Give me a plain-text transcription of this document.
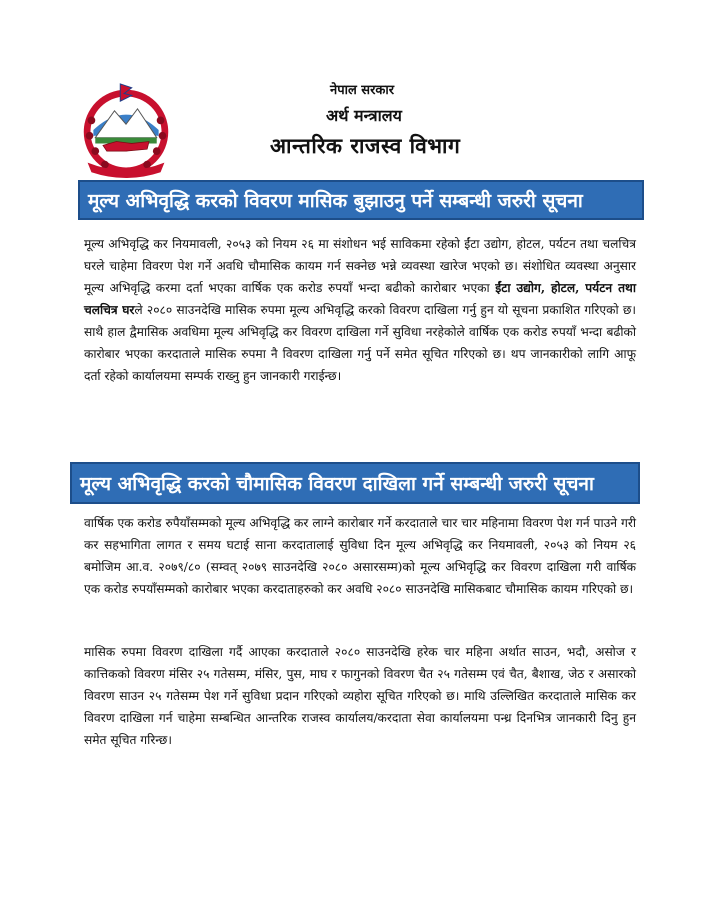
नेपाल सरकार
अर्थ मन्त्रालय
आन्तरिक राजस्व विभाग
मूल्य अभिवृद्धि करको विवरण मासिक बुझाउनु पर्ने सम्बन्धी जरुरी सूचना
मूल्य अभिवृद्धि कर नियमावली, २०५३ को नियम २६ मा संशोधन भई साविकमा रहेको ईंटा उद्योग, होटल, पर्यटन तथा चलचित्र घरले चाहेमा विवरण पेश गर्ने अवधि चौमासिक कायम गर्न सक्नेछ भन्ने व्यवस्था खारेज भएको छ। संशोधित व्यवस्था अनुसार मूल्य अभिवृद्धि करमा दर्ता भएका वार्षिक एक करोड रुपयाँ भन्दा बढीको कारोबार भएका ईंटा उद्योग, होटल, पर्यटन तथा चलचित्र घरले २०८० साउनदेखि मासिक रुपमा मूल्य अभिवृद्धि करको विवरण दाखिला गर्नु हुन यो सूचना प्रकाशित गरिएको छ। साथै हाल द्वैमासिक अवधिमा मूल्य अभिवृद्धि कर विवरण दाखिला गर्ने सुविधा नरहेकोले वार्षिक एक करोड रुपयाँ भन्दा बढीको कारोबार भएका करदाताले मासिक रुपमा नै विवरण दाखिला गर्नु पर्ने समेत सूचित गरिएको छ। थप जानकारीको लागि आफू दर्ता रहेको कार्यालयमा सम्पर्क राख्नु हुन जानकारी गराईन्छ।
मूल्य अभिवृद्धि करको चौमासिक विवरण दाखिला गर्ने सम्बन्धी जरुरी सूचना
वार्षिक एक करोड रुपैयाँसम्मको मूल्य अभिवृद्धि कर लाग्ने कारोबार गर्ने करदाताले चार चार महिनामा विवरण पेश गर्न पाउने गरी कर सहभागिता लागत र समय घटाई साना करदातालाई सुविधा दिन मूल्य अभिवृद्धि कर नियमावली, २०५३ को नियम २६ बमोजिम आ.व. २०७९/८० (सम्वत् २०७९ साउनदेखि २०८० असारसम्म)को मूल्य अभिवृद्धि कर विवरण दाखिला गरी वार्षिक एक करोड रुपयाँसम्मको कारोबार भएका करदाताहरुको कर अवधि २०८० साउनदेखि मासिकबाट चौमासिक कायम गरिएको छ।
मासिक रुपमा विवरण दाखिला गर्दै आएका करदाताले २०८० साउनदेखि हरेक चार महिना अर्थात साउन, भदौ, असोज र कात्तिकको विवरण मंसिर २५ गतेसम्म, मंसिर, पुस, माघ र फागुनको विवरण चैत २५ गतेसम्म एवं चैत, बैशाख, जेठ र असारको विवरण साउन २५ गतेसम्म पेश गर्ने सुविधा प्रदान गरिएको व्यहोरा सूचित गरिएको छ। माथि उल्लिखित करदाताले मासिक कर विवरण दाखिला गर्न चाहेमा सम्बन्धित आन्तरिक राजस्व कार्यालय/करदाता सेवा कार्यालयमा पन्ध्र दिनभित्र जानकारी दिनु हुन समेत सूचित गरिन्छ।
